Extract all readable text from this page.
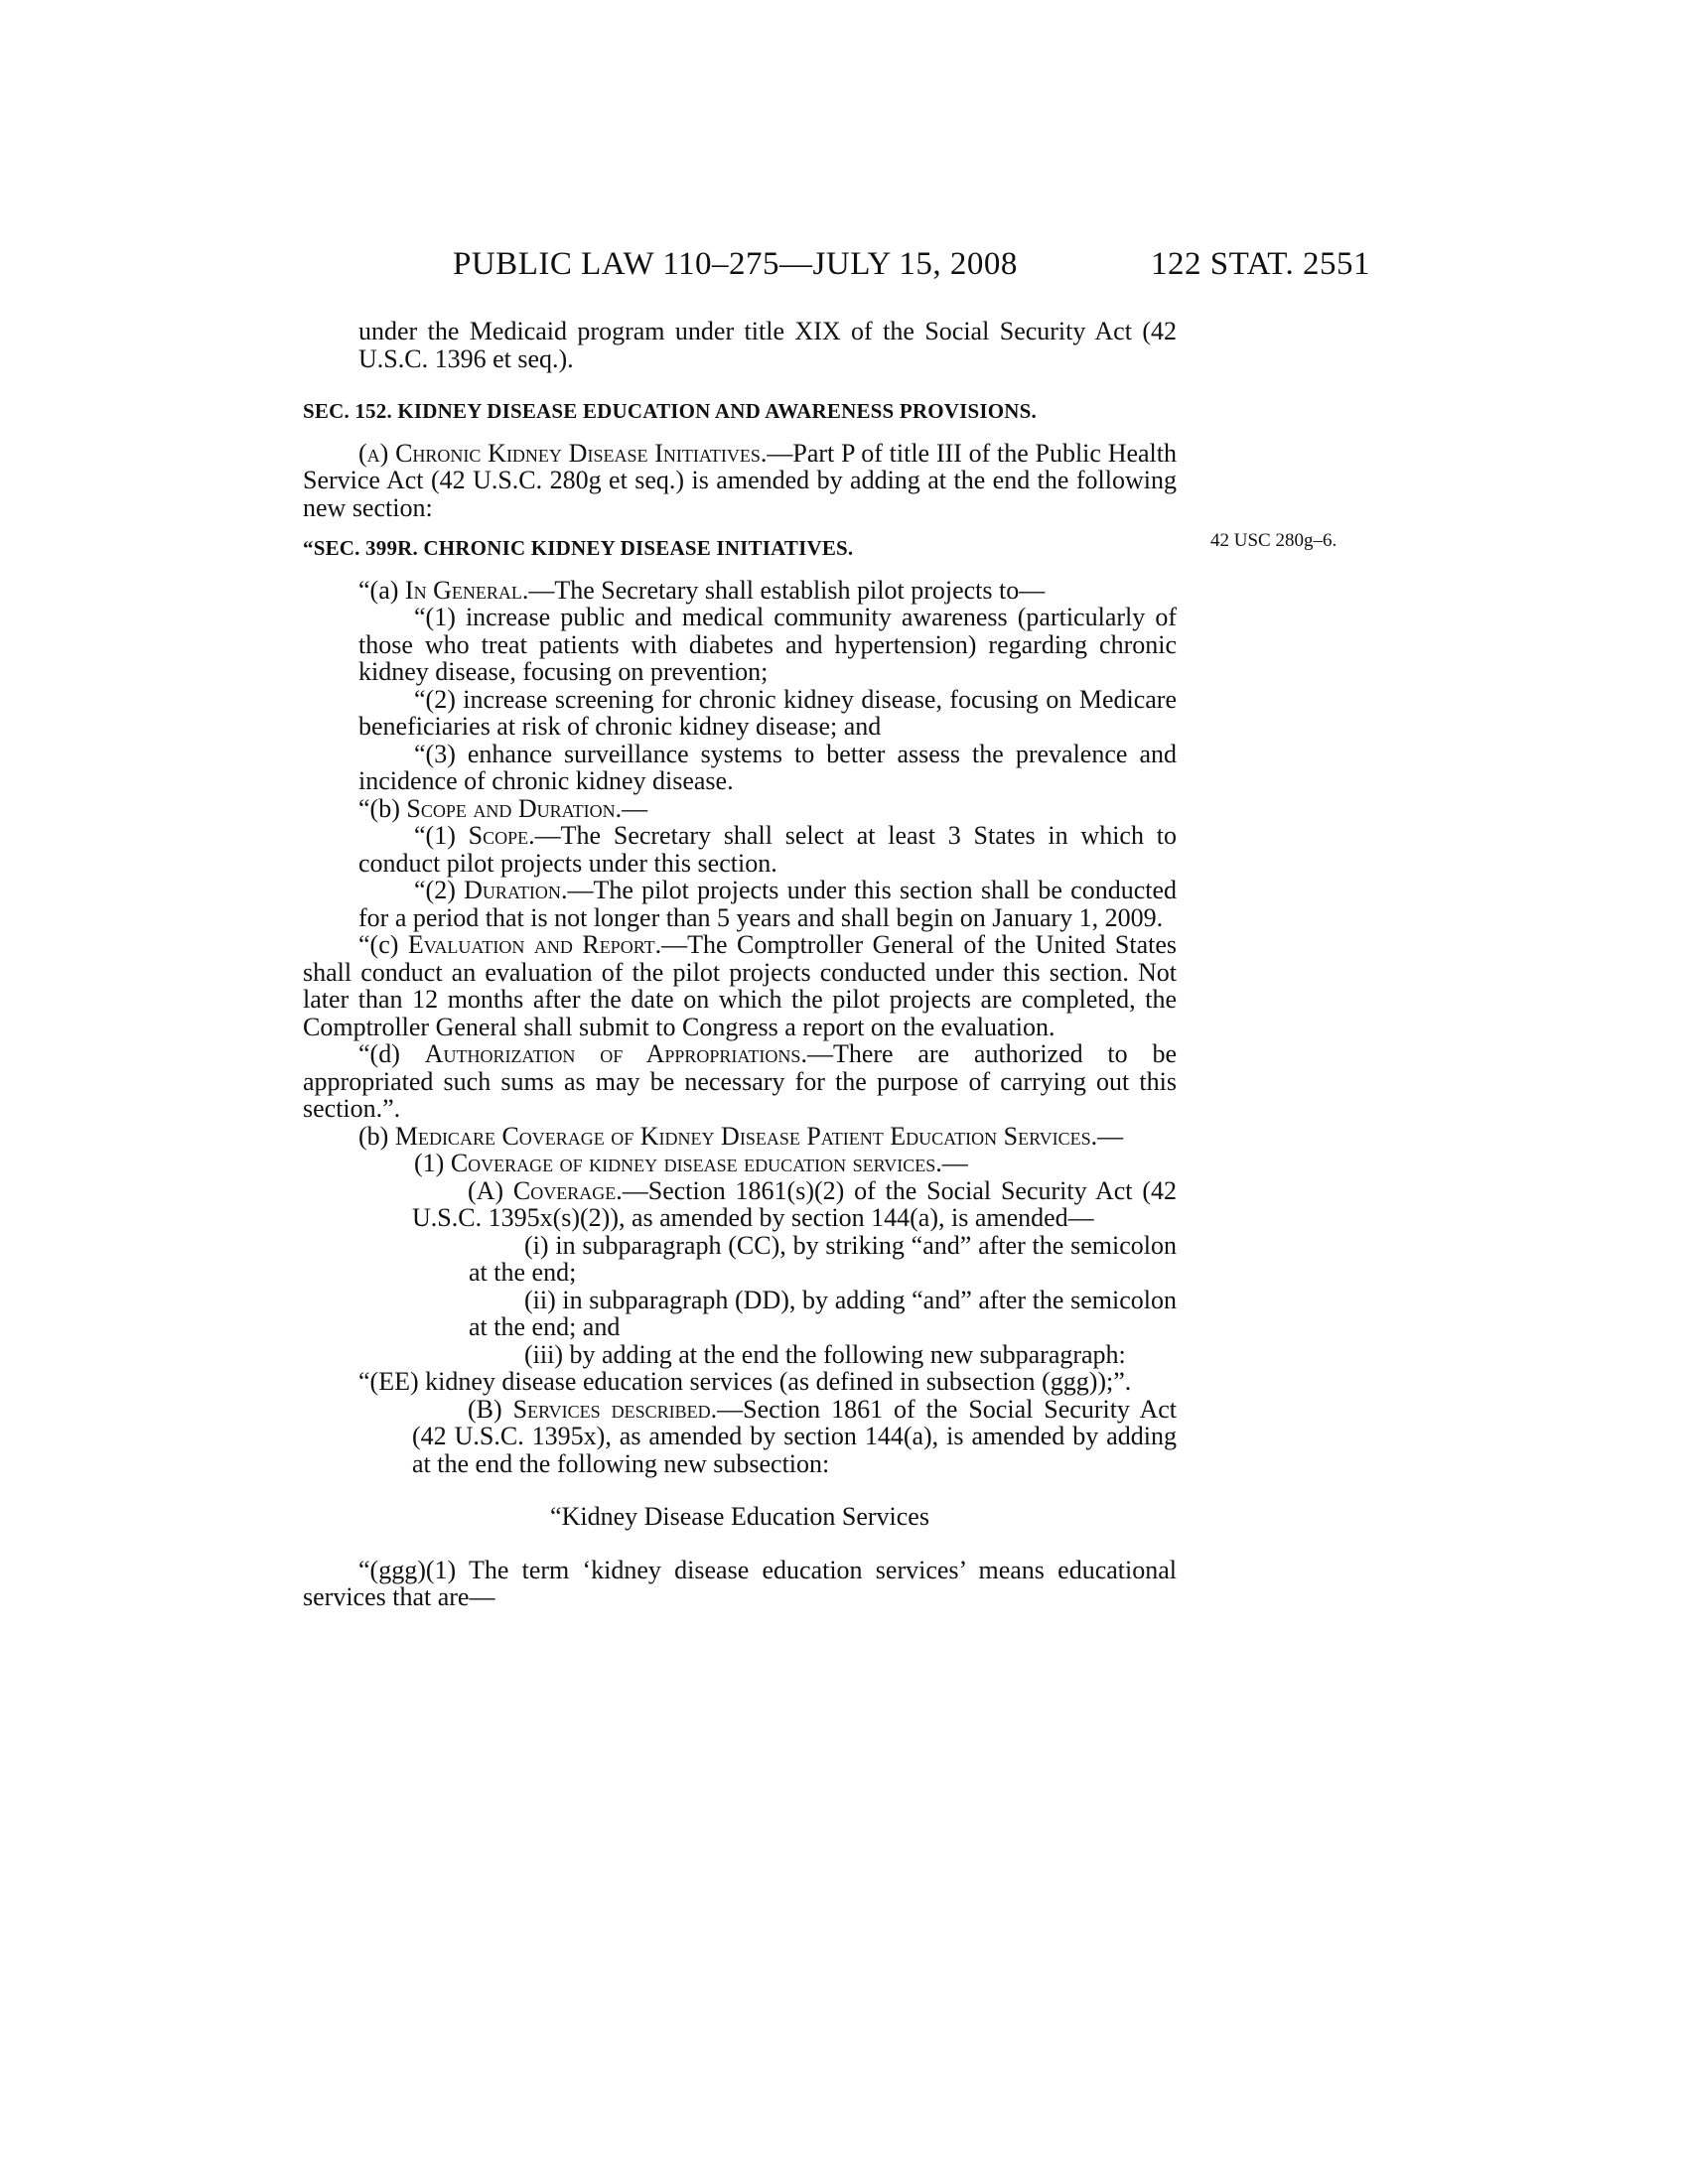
PUBLIC LAW 110–275—JULY 15, 2008	122 STAT. 2551
42 USC 280g–6.

under the Medicaid program under title XIX of the Social Security Act (42 U.S.C. 1396 et seq.).

SEC. 152. KIDNEY DISEASE EDUCATION AND AWARENESS PROVISIONS.

(a) Chronic Kidney Disease Initiatives.—Part P of title III of the Public Health Service Act (42 U.S.C. 280g et seq.) is amended by adding at the end the following new section:

“SEC. 399R. CHRONIC KIDNEY DISEASE INITIATIVES.

“(a) In General.—The Secretary shall establish pilot projects to—

“(1) increase public and medical community awareness (particularly of those who treat patients with diabetes and hypertension) regarding chronic kidney disease, focusing on prevention;

“(2) increase screening for chronic kidney disease, focusing on Medicare beneficiaries at risk of chronic kidney disease; and

“(3) enhance surveillance systems to better assess the prevalence and incidence of chronic kidney disease.

“(b) Scope and Duration.—

“(1) Scope.—The Secretary shall select at least 3 States in which to conduct pilot projects under this section.

“(2) Duration.—The pilot projects under this section shall be conducted for a period that is not longer than 5 years and shall begin on January 1, 2009.

“(c) Evaluation and Report.—The Comptroller General of the United States shall conduct an evaluation of the pilot projects conducted under this section. Not later than 12 months after the date on which the pilot projects are completed, the Comptroller General shall submit to Congress a report on the evaluation.

“(d) Authorization of Appropriations.—There are authorized to be appropriated such sums as may be necessary for the purpose of carrying out this section.”.

(b) Medicare Coverage of Kidney Disease Patient Education Services.—

(1) Coverage of kidney disease education services.—

(A) Coverage.—Section 1861(s)(2) of the Social Security Act (42 U.S.C. 1395x(s)(2)), as amended by section 144(a), is amended—

(i) in subparagraph (CC), by striking “and” after the semicolon at the end;

(ii) in subparagraph (DD), by adding “and” after the semicolon at the end; and

(iii) by adding at the end the following new subparagraph:

“(EE) kidney disease education services (as defined in subsection (ggg));”.

(B) Services described.—Section 1861 of the Social Security Act (42 U.S.C. 1395x), as amended by section 144(a), is amended by adding at the end the following new subsection:

“Kidney Disease Education Services

“(ggg)(1) The term ‘kidney disease education services’ means educational services that are—
